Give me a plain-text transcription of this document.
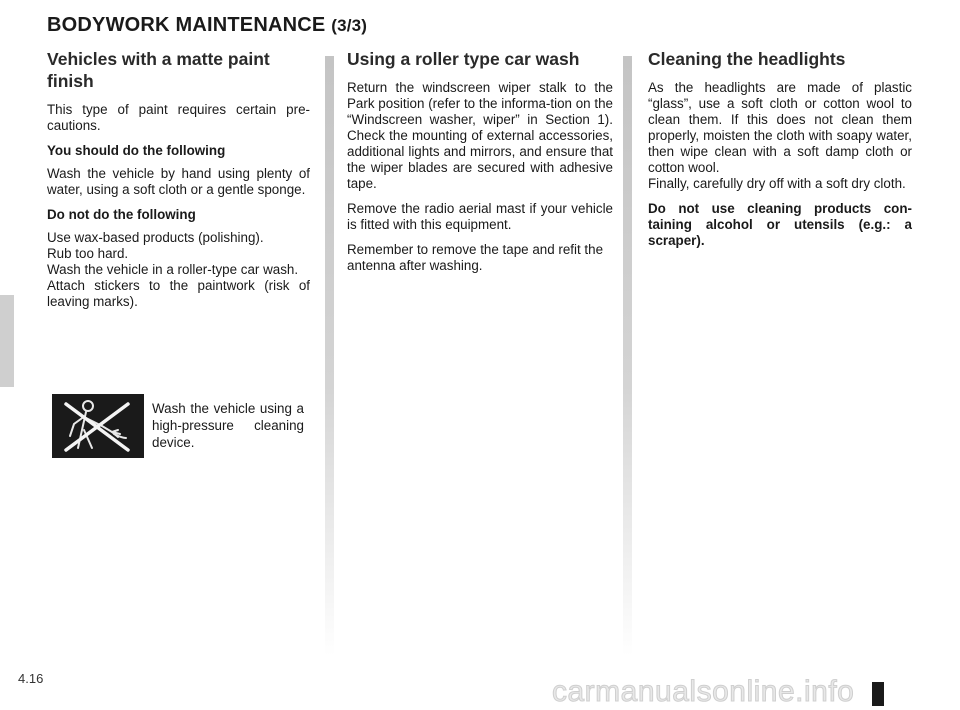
BODYWORK MAINTENANCE (3/3)
Vehicles with a matte paint finish

This type of paint requires certain pre-cautions.

You should do the following

Wash the vehicle by hand using plenty of water, using a soft cloth or a gentle sponge.

Do not do the following

Use wax-based products (polishing).

Rub too hard.

Wash the vehicle in a roller-type car wash.

Attach stickers to the paintwork (risk of leaving marks).

Wash the vehicle using a high-pressure cleaning device.

Using a roller type car wash

Return the windscreen wiper stalk to the Park position (refer to the informa-tion on the “Windscreen washer, wiper” in Section 1). Check the mounting of external accessories, additional lights and mirrors, and ensure that the wiper blades are secured with adhesive tape.

Remove the radio aerial mast if your vehicle is fitted with this equipment.

Remember to remove the tape and refit the antenna after washing.

Cleaning the headlights

As the headlights are made of plastic “glass”, use a soft cloth or cotton wool to clean them. If this does not clean them properly, moisten the cloth with soapy water, then wipe clean with a soft damp cloth or cotton wool.

Finally, carefully dry off with a soft dry cloth.

Do not use cleaning products con-taining alcohol or utensils (e.g.: a scraper).

4.16	carmanualsonline.info
